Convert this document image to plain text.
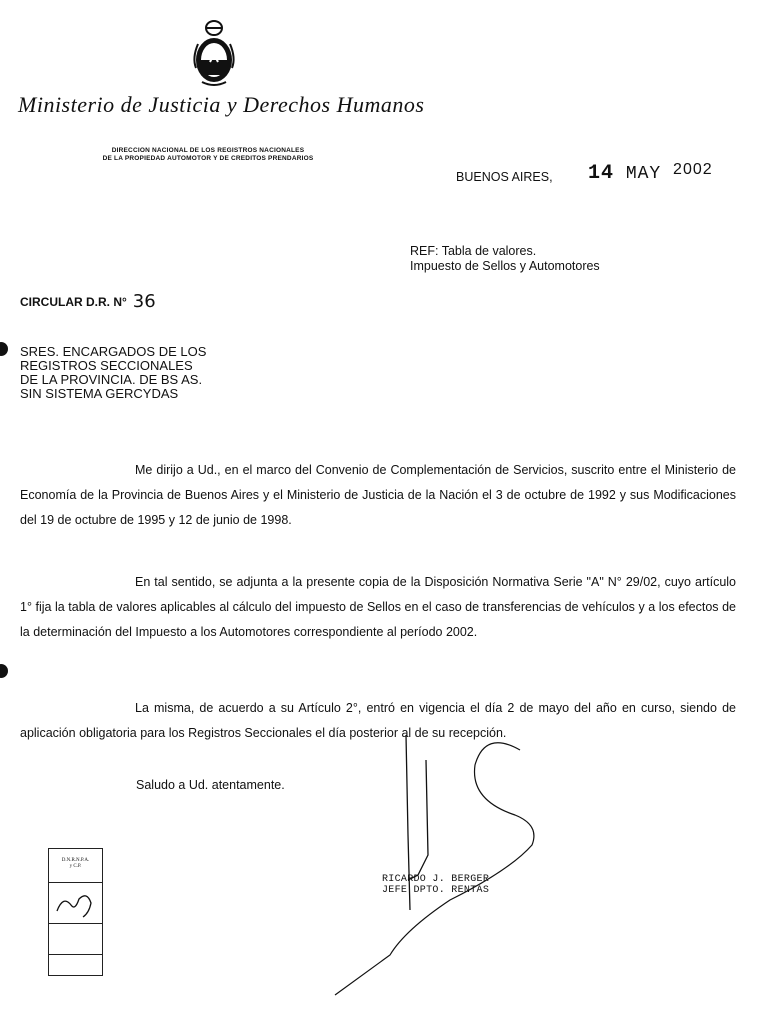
Ministerio de Justicia y Derechos Humanos
DIRECCION NACIONAL DE LOS REGISTROS NACIONALES
DE LA PROPIEDAD AUTOMOTOR Y DE CREDITOS PRENDARIOS
BUENOS AIRES, 14 MAY 2002
REF: Tabla de valores.
Impuesto de Sellos y Automotores
CIRCULAR D.R. N° 36
SRES. ENCARGADOS DE LOS
REGISTROS SECCIONALES
DE LA PROVINCIA. DE BS AS.
SIN SISTEMA GERCYDAS
Me dirijo a Ud., en el marco del Convenio de Complementación de Servicios, suscrito entre el Ministerio de Economía de la Provincia de Buenos Aires y el Ministerio de Justicia de la Nación el 3 de octubre de 1992 y sus Modificaciones del 19 de octubre de 1995 y 12 de junio de 1998.
En tal sentido, se adjunta a la presente copia de la Disposición Normativa Serie "A" N° 29/02, cuyo artículo 1° fija la tabla de valores aplicables al cálculo del impuesto de Sellos en el caso de transferencias de vehículos y a los efectos de la determinación del Impuesto a los Automotores correspondiente al período 2002.
La misma, de acuerdo a su Artículo 2°, entró en vigencia el día 2 de mayo del año en curso, siendo de aplicación obligatoria para los Registros Seccionales el día posterior al de su recepción.
Saludo a Ud. atentamente.
RICARDO J. BERGER
JEFE DPTO. RENTAS
D.N.R.N.P.A.
y C.P.
